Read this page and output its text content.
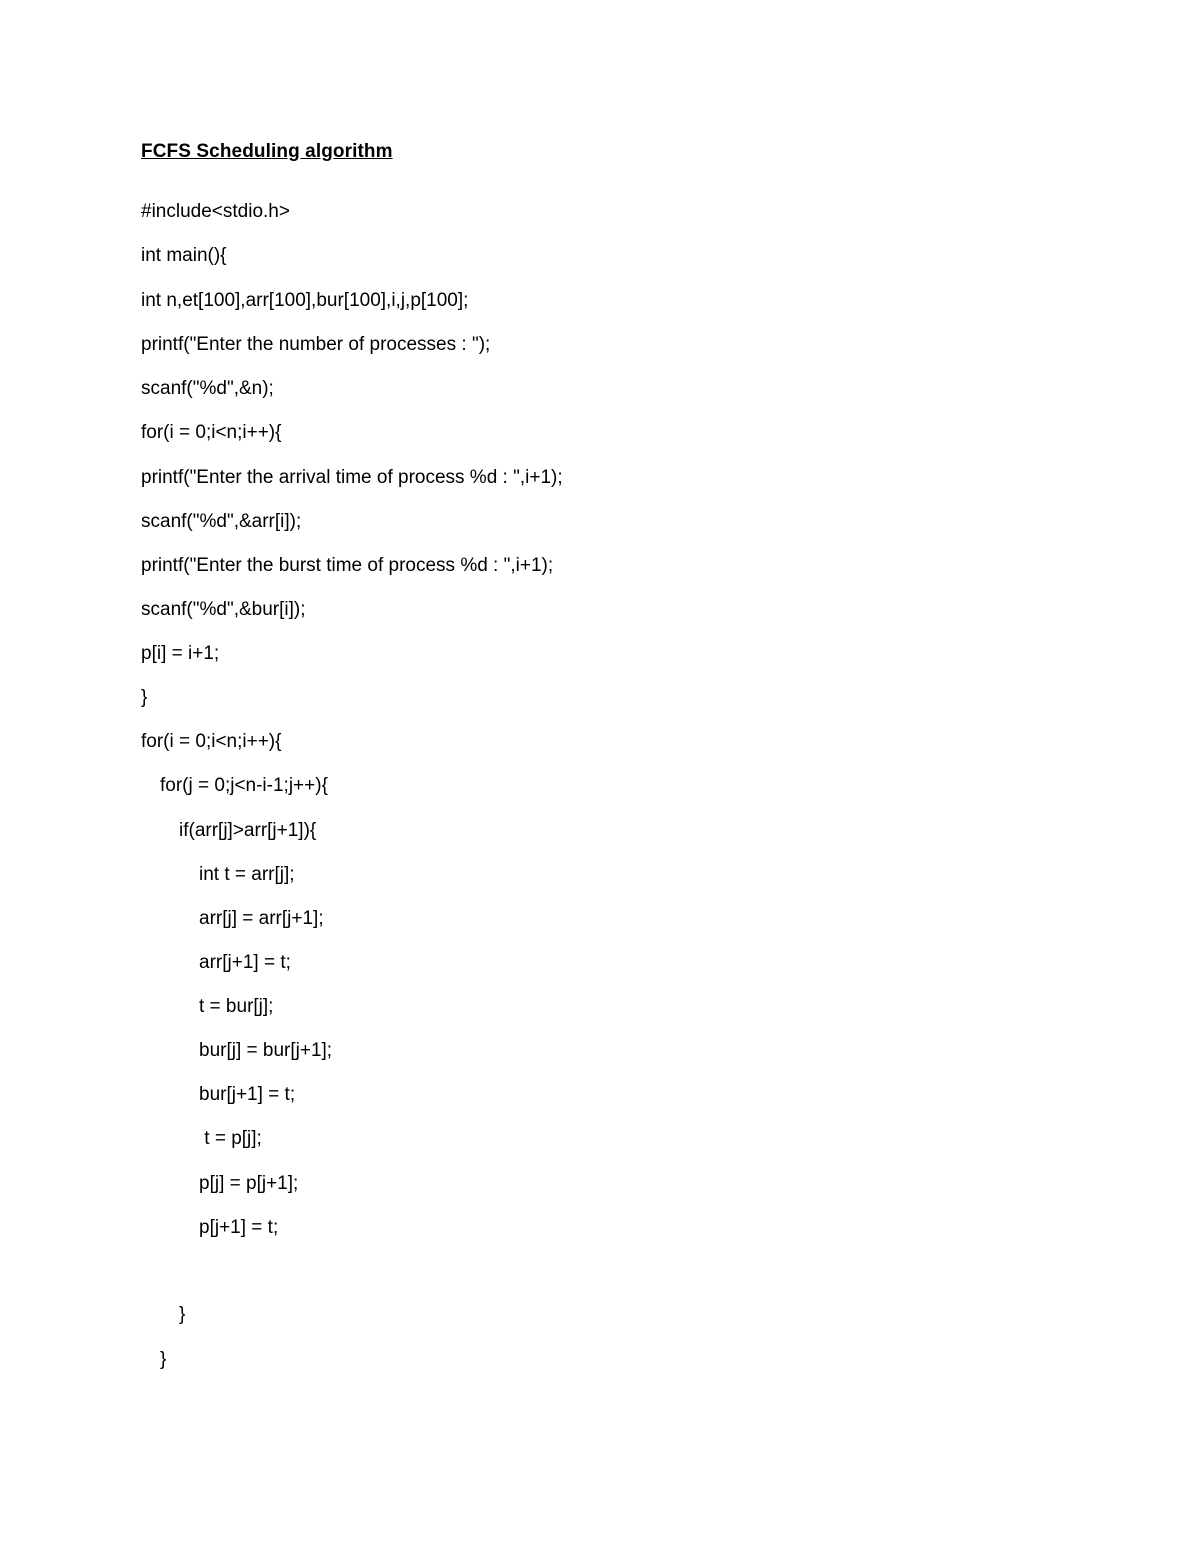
FCFS Scheduling algorithm
#include<stdio.h>
int main(){
int n,et[100],arr[100],bur[100],i,j,p[100];
printf("Enter the number of processes : ");
scanf("%d",&n);
for(i = 0;i<n;i++){
printf("Enter the arrival time of process %d : ",i+1);
scanf("%d",&arr[i]);
printf("Enter the burst time of process %d : ",i+1);
scanf("%d",&bur[i]);
p[i] = i+1;
}
for(i = 0;i<n;i++){
for(j = 0;j<n-i-1;j++){
if(arr[j]>arr[j+1]){
int t = arr[j];
arr[j] = arr[j+1];
arr[j+1] = t;
t = bur[j];
bur[j] = bur[j+1];
bur[j+1] = t;
t = p[j];
p[j] = p[j+1];
p[j+1] = t;
}
}
